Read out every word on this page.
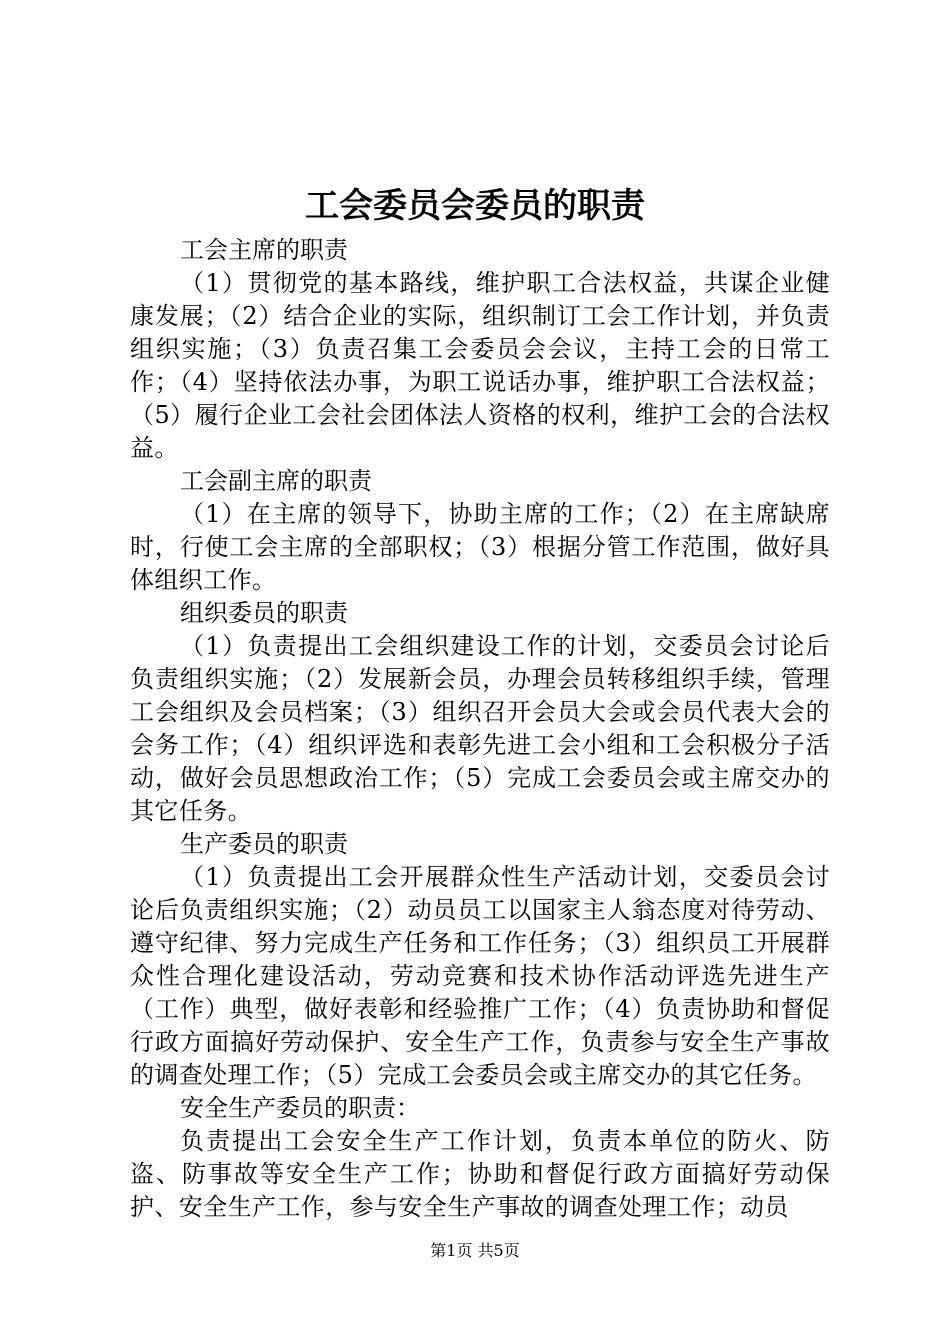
工会委员会委员的职责

工会主席的职责

（1）贯彻党的基本路线，维护职工合法权益，共谋企业健康发展；（2）结合企业的实际，组织制订工会工作计划，并负责组织实施；（3）负责召集工会委员会会议，主持工会的日常工作；（4）坚持依法办事，为职工说话办事，维护职工合法权益；（5）履行企业工会社会团体法人资格的权利，维护工会的合法权益。

工会副主席的职责

（1）在主席的领导下，协助主席的工作；（2）在主席缺席时，行使工会主席的全部职权；（3）根据分管工作范围，做好具体组织工作。

组织委员的职责

（1）负责提出工会组织建设工作的计划，交委员会讨论后负责组织实施；（2）发展新会员，办理会员转移组织手续，管理工会组织及会员档案；（3）组织召开会员大会或会员代表大会的会务工作；（4）组织评选和表彰先进工会小组和工会积极分子活动，做好会员思想政治工作；（5）完成工会委员会或主席交办的其它任务。

生产委员的职责

（1）负责提出工会开展群众性生产活动计划，交委员会讨论后负责组织实施；（2）动员员工以国家主人翁态度对待劳动、遵守纪律、努力完成生产任务和工作任务；（3）组织员工开展群众性合理化建设活动，劳动竞赛和技术协作活动评选先进生产（工作）典型，做好表彰和经验推广工作；（4）负责协助和督促行政方面搞好劳动保护、安全生产工作，负责参与安全生产事故的调查处理工作；（5）完成工会委员会或主席交办的其它任务。

安全生产委员的职责：

负责提出工会安全生产工作计划，负责本单位的防火、防盗、防事故等安全生产工作；协助和督促行政方面搞好劳动保护、安全生产工作，参与安全生产事故的调查处理工作；动员

第1页 共5页
